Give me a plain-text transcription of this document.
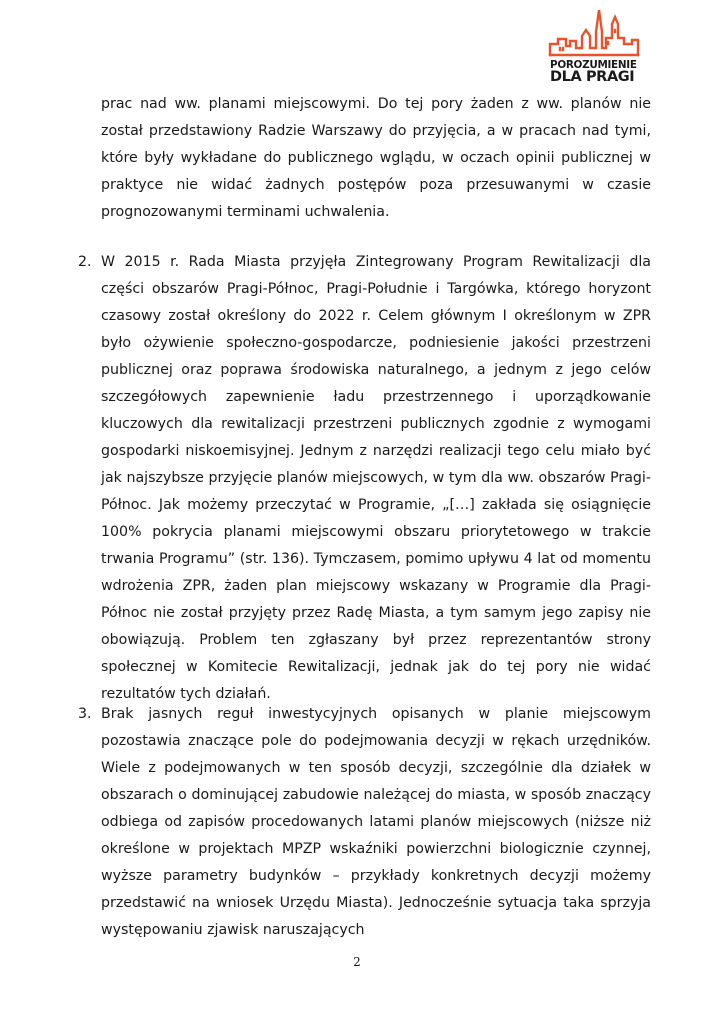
POROZUMIENIE
DLA PRAGI

prac nad ww. planami miejscowymi. Do tej pory żaden z ww. planów nie został przedstawiony Radzie Warszawy do przyjęcia, a w pracach nad tymi, które były wykładane do publicznego wglądu, w oczach opinii publicznej w praktyce nie widać żadnych postępów poza przesuwanymi w czasie prognozowanymi terminami uchwalenia.

2. W 2015 r. Rada Miasta przyjęła Zintegrowany Program Rewitalizacji dla części obszarów Pragi-Północ, Pragi-Południe i Targówka, którego horyzont czasowy został określony do 2022 r. Celem głównym I określonym w ZPR było ożywienie społeczno-gospodarcze, podniesienie jakości przestrzeni publicznej oraz poprawa środowiska naturalnego, a jednym z jego celów szczegółowych zapewnienie ładu przestrzennego i uporządkowanie kluczowych dla rewitalizacji przestrzeni publicznych zgodnie z wymogami gospodarki niskoemisyjnej. Jednym z narzędzi realizacji tego celu miało być jak najszybsze przyjęcie planów miejscowych, w tym dla ww. obszarów Pragi-Północ. Jak możemy przeczytać w Programie, „[…] zakłada się osiągnięcie 100% pokrycia planami miejscowymi obszaru priorytetowego w trakcie trwania Programu” (str. 136). Tymczasem, pomimo upływu 4 lat od momentu wdrożenia ZPR, żaden plan miejscowy wskazany w Programie dla Pragi-Północ nie został przyjęty przez Radę Miasta, a tym samym jego zapisy nie obowiązują. Problem ten zgłaszany był przez reprezentantów strony społecznej w Komitecie Rewitalizacji, jednak jak do tej pory nie widać rezultatów tych działań.

3. Brak jasnych reguł inwestycyjnych opisanych w planie miejscowym pozostawia znaczące pole do podejmowania decyzji w rękach urzędników. Wiele z podejmowanych w ten sposób decyzji, szczególnie dla działek w obszarach o dominującej zabudowie należącej do miasta, w sposób znaczący odbiega od zapisów procedowanych latami planów miejscowych (niższe niż określone w projektach MPZP wskaźniki powierzchni biologicznie czynnej, wyższe parametry budynków – przykłady konkretnych decyzji możemy przedstawić na wniosek Urzędu Miasta). Jednocześnie sytuacja taka sprzyja występowaniu zjawisk naruszających

2
